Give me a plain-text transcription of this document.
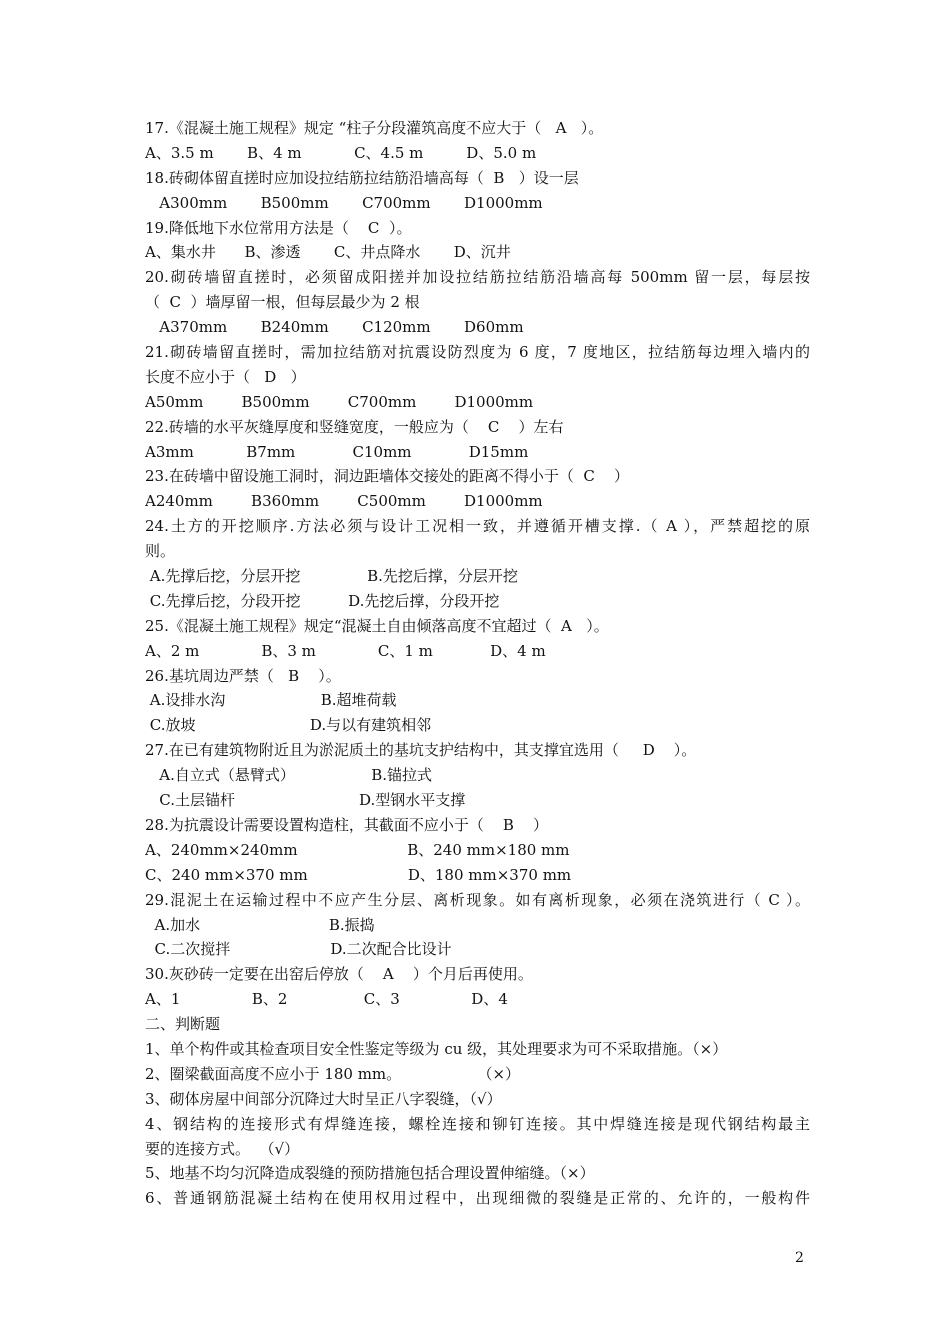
17.《混凝土施工规程》规定 “柱子分段灌筑高度不应大于（   A   ）。
A、3.5 m       B、4 m           C、4.5 m         D、5.0 m
18.砖砌体留直搓时应加设拉结筋拉结筋沿墙高每（  B   ）设一层
A300mm       B500mm       C700mm       D1000mm
19.降低地下水位常用方法是（    C  ）。
A、集水井      B、渗透       C、井点降水       D、沉井
20.砌砖墙留直搓时，必须留成阳搓并加设拉结筋拉结筋沿墙高每 500mm 留一层，每层按
（  C  ）墙厚留一根，但每层最少为 2 根
A370mm       B240mm       C120mm       D60mm
21.砌砖墙留直搓时，需加拉结筋对抗震设防烈度为 6 度，7 度地区，拉结筋每边埋入墙内的
长度不应小于（   D   ）
A50mm        B500mm        C700mm        D1000mm
22.砖墙的水平灰缝厚度和竖缝宽度，一般应为（    C    ）左右
A3mm           B7mm            C10mm            D15mm
23.在砖墙中留设施工洞时，洞边距墙体交接处的距离不得小于（  C    ）
A240mm        B360mm        C500mm        D1000mm
24.土方的开挖顺序.方法必须与设计工况相一致，并遵循开槽支撑.（ A ），严禁超挖的原
则。
A.先撑后挖，分层开挖              B.先挖后撑，分层开挖
C.先撑后挖，分段开挖          D.先挖后撑，分段开挖
25.《混凝土施工规程》规定“混凝土自由倾落高度不宜超过（  A   ）。
A、2 m             B、3 m             C、1 m            D、4 m
26.基坑周边严禁（   B    ）。
A.设排水沟                    B.超堆荷载
C.放坡                        D.与以有建筑相邻
27.在已有建筑物附近且为淤泥质土的基坑支护结构中，其支撑宜选用（     D    ）。
A.自立式（悬臂式）                B.锚拉式
C.土层锚杆                          D.型钢水平支撑
28.为抗震设计需要设置构造柱，其截面不应小于（    B    ）
A、240mm×240mm                       B、240 mm×180 mm
C、240 mm×370 mm                     D、180 mm×370 mm
29.混泥土在运输过程中不应产生分层、离析现象。如有离析现象，必须在浇筑进行（ C ）。
A.加水                           B.振捣
C.二次搅拌                     D.二次配合比设计
30.灰砂砖一定要在出窑后停放（    A    ）个月后再使用。
A、1               B、2                C、3               D、4
二、判断题
1、单个构件或其检查项目安全性鉴定等级为 cu 级，其处理要求为可不采取措施。（×）
2、圈梁截面高度不应小于 180 mm。                （×）
3、砌体房屋中间部分沉降过大时呈正八字裂缝，（√）
4、钢结构的连接形式有焊缝连接，螺栓连接和铆钉连接。其中焊缝连接是现代钢结构最主
要的连接方式。  （√）
5、地基不均匀沉降造成裂缝的预防措施包括合理设置伸缩缝。（×）
6、普通钢筋混凝土结构在使用权用过程中，出现细微的裂缝是正常的、允许的，一般构件
2
